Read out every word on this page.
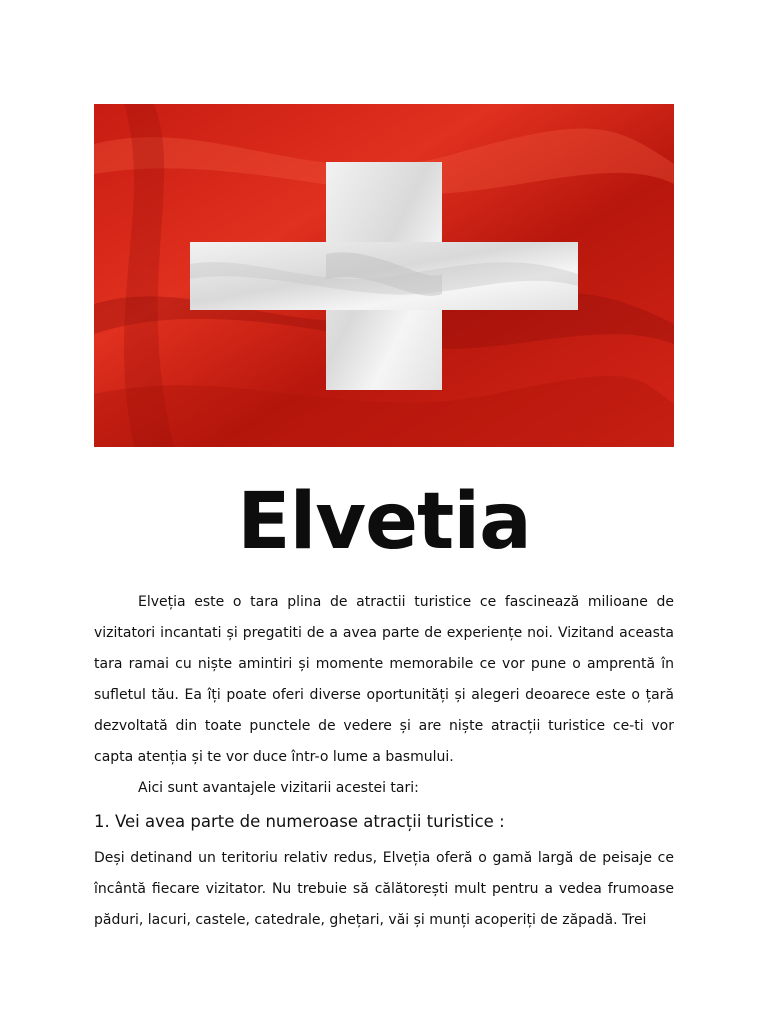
Elvetia
Elveția este o tara plina de atractii turistice ce fascinează milioane de vizitatori incantati și pregatiti de a avea parte de experiențe noi. Vizitand aceasta tara ramai cu niște amintiri și momente memorabile ce vor pune o amprentă în sufletul tău. Ea îți poate oferi diverse oportunități și alegeri deoarece este o țară dezvoltată din toate punctele de vedere și are niște atracții turistice ce-ti vor capta atenția și te vor duce într-o lume a basmului.
Aici sunt avantajele vizitarii acestei tari:
1. Vei avea parte de numeroase atracții turistice :
Deși detinand un teritoriu relativ redus, Elveția oferă o gamă largă de peisaje ce încântă fiecare vizitator. Nu trebuie să călătorești mult pentru a vedea frumoase păduri, lacuri, castele, catedrale, ghețari, văi și munți acoperiți de zăpadă. Trei
